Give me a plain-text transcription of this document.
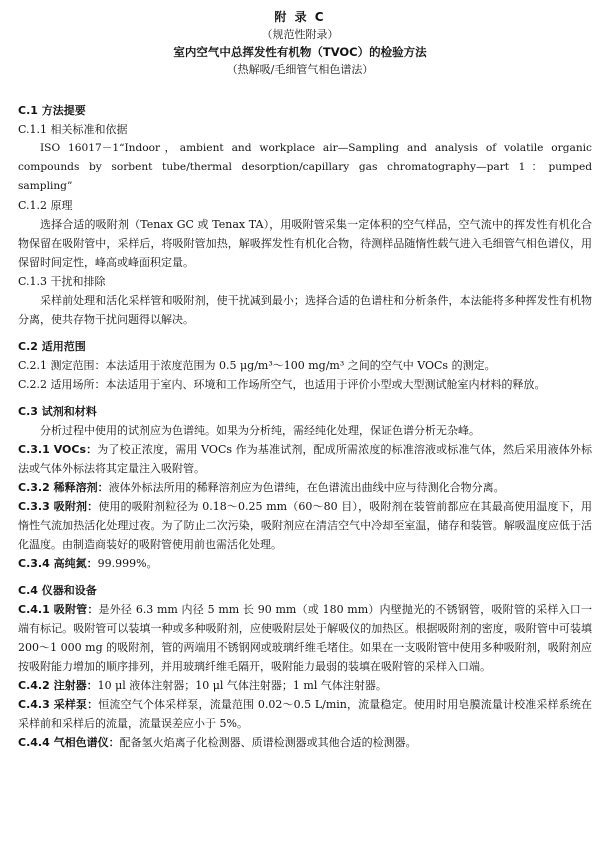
附 录 C
（规范性附录）
室内空气中总挥发性有机物（TVOC）的检验方法
（热解吸/毛细管气相色谱法）
C.1 方法提要
C.1.1 相关标准和依据
ISO 16017－1“Indoor，ambient and workplace air—Sampling and analysis of volatile organic compounds by sorbent tube/thermal desorption/capillary gas chromatography—part 1：pumped sampling”
C.1.2 原理
选择合适的吸附剂（Tenax GC 或 Tenax TA），用吸附管采集一定体积的空气样品，空气流中的挥发性有机化合物保留在吸附管中，采样后，将吸附管加热，解吸挥发性有机化合物，待测样品随惰性载气进入毛细管气相色谱仪，用保留时间定性，峰高或峰面积定量。
C.1.3 干扰和排除
采样前处理和活化采样管和吸附剂，使干扰减到最小；选择合适的色谱柱和分析条件，本法能将多种挥发性有机物分离，使共存物干扰问题得以解决。
C.2 适用范围
C.2.1 测定范围：本法适用于浓度范围为 0.5 μg/m³～100 mg/m³ 之间的空气中 VOCs 的测定。
C.2.2 适用场所：本法适用于室内、环境和工作场所空气，也适用于评价小型或大型测试舱室内材料的释放。
C.3 试剂和材料
分析过程中使用的试剂应为色谱纯。如果为分析纯，需经纯化处理，保证色谱分析无杂峰。
C.3.1 VOCs：为了校正浓度，需用 VOCs 作为基准试剂，配成所需浓度的标准溶液或标准气体，然后采用液体外标法或气体外标法将其定量注入吸附管。
C.3.2 稀释溶剂：液体外标法所用的稀释溶剂应为色谱纯，在色谱流出曲线中应与待测化合物分离。
C.3.3 吸附剂：使用的吸附剂粒径为 0.18～0.25 mm（60～80 目），吸附剂在装管前都应在其最高使用温度下，用惰性气流加热活化处理过夜。为了防止二次污染，吸附剂应在清洁空气中冷却至室温，储存和装管。解吸温度应低于活化温度。由制造商装好的吸附管使用前也需活化处理。
C.3.4 高纯氮：99.999%。
C.4 仪器和设备
C.4.1 吸附管：是外径 6.3 mm 内径 5 mm 长 90 mm（或 180 mm）内壁抛光的不锈钢管，吸附管的采样入口一端有标记。吸附管可以装填一种或多种吸附剂，应使吸附层处于解吸仪的加热区。根据吸附剂的密度，吸附管中可装填 200～1 000 mg 的吸附剂，管的两端用不锈钢网或玻璃纤维毛堵住。如果在一支吸附管中使用多种吸附剂，吸附剂应按吸附能力增加的顺序排列，并用玻璃纤维毛隔开，吸附能力最弱的装填在吸附管的采样入口端。
C.4.2 注射器：10 μl 液体注射器；10 μl 气体注射器；1 ml 气体注射器。
C.4.3 采样泵：恒流空气个体采样泵，流量范围 0.02～0.5 L/min，流量稳定。使用时用皂膜流量计校准采样系统在采样前和采样后的流量，流量误差应小于 5%。
C.4.4 气相色谱仪：配备氢火焰离子化检测器、质谱检测器或其他合适的检测器。
